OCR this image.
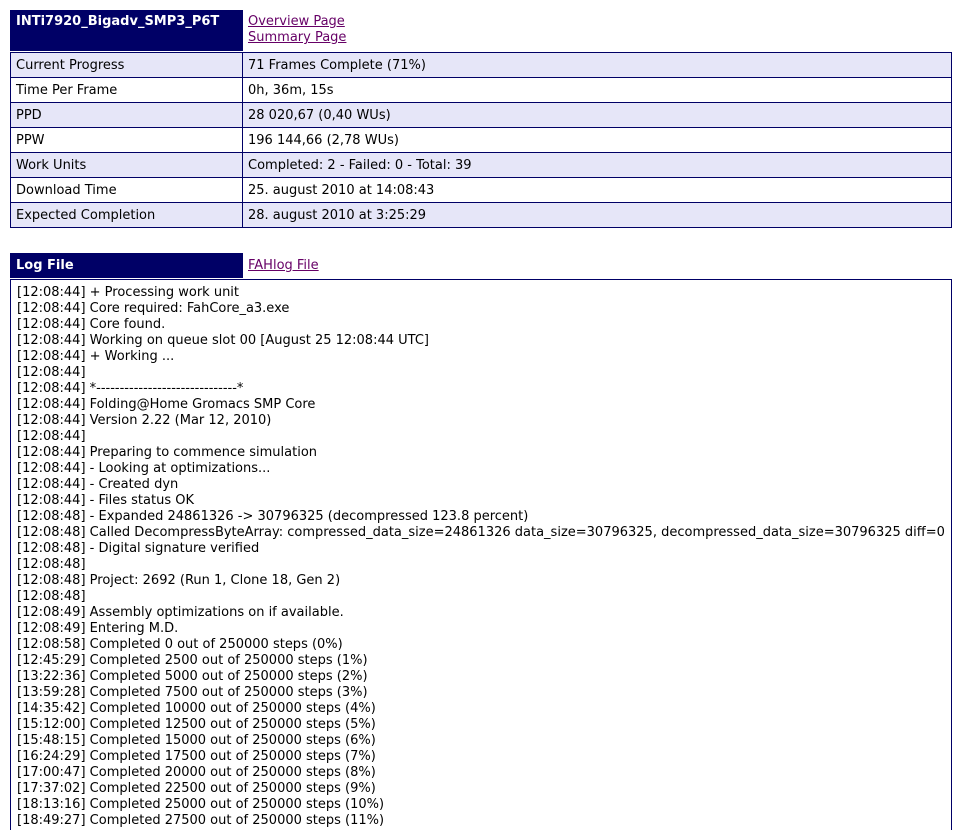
INTi7920_Bigadv_SMP3_P6T	Overview Page
Summary Page
Current Progress	71 Frames Complete (71%)
Time Per Frame	0h, 36m, 15s
PPD	28 020,67 (0,40 WUs)
PPW	196 144,66 (2,78 WUs)
Work Units	Completed: 2 - Failed: 0 - Total: 39
Download Time	25. august 2010 at 14:08:43
Expected Completion	28. august 2010 at 3:25:29
Log File	FAHlog File
[12:08:44] + Processing work unit
[12:08:44] Core required: FahCore_a3.exe
[12:08:44] Core found.
[12:08:44] Working on queue slot 00 [August 25 12:08:44 UTC]
[12:08:44] + Working ...
[12:08:44]
[12:08:44] *------------------------------*
[12:08:44] Folding@Home Gromacs SMP Core
[12:08:44] Version 2.22 (Mar 12, 2010)
[12:08:44]
[12:08:44] Preparing to commence simulation
[12:08:44] - Looking at optimizations...
[12:08:44] - Created dyn
[12:08:44] - Files status OK
[12:08:48] - Expanded 24861326 -> 30796325 (decompressed 123.8 percent)
[12:08:48] Called DecompressByteArray: compressed_data_size=24861326 data_size=30796325, decompressed_data_size=30796325 diff=0
[12:08:48] - Digital signature verified
[12:08:48]
[12:08:48] Project: 2692 (Run 1, Clone 18, Gen 2)
[12:08:48]
[12:08:49] Assembly optimizations on if available.
[12:08:49] Entering M.D.
[12:08:58] Completed 0 out of 250000 steps (0%)
[12:45:29] Completed 2500 out of 250000 steps (1%)
[13:22:36] Completed 5000 out of 250000 steps (2%)
[13:59:28] Completed 7500 out of 250000 steps (3%)
[14:35:42] Completed 10000 out of 250000 steps (4%)
[15:12:00] Completed 12500 out of 250000 steps (5%)
[15:48:15] Completed 15000 out of 250000 steps (6%)
[16:24:29] Completed 17500 out of 250000 steps (7%)
[17:00:47] Completed 20000 out of 250000 steps (8%)
[17:37:02] Completed 22500 out of 250000 steps (9%)
[18:13:16] Completed 25000 out of 250000 steps (10%)
[18:49:27] Completed 27500 out of 250000 steps (11%)
